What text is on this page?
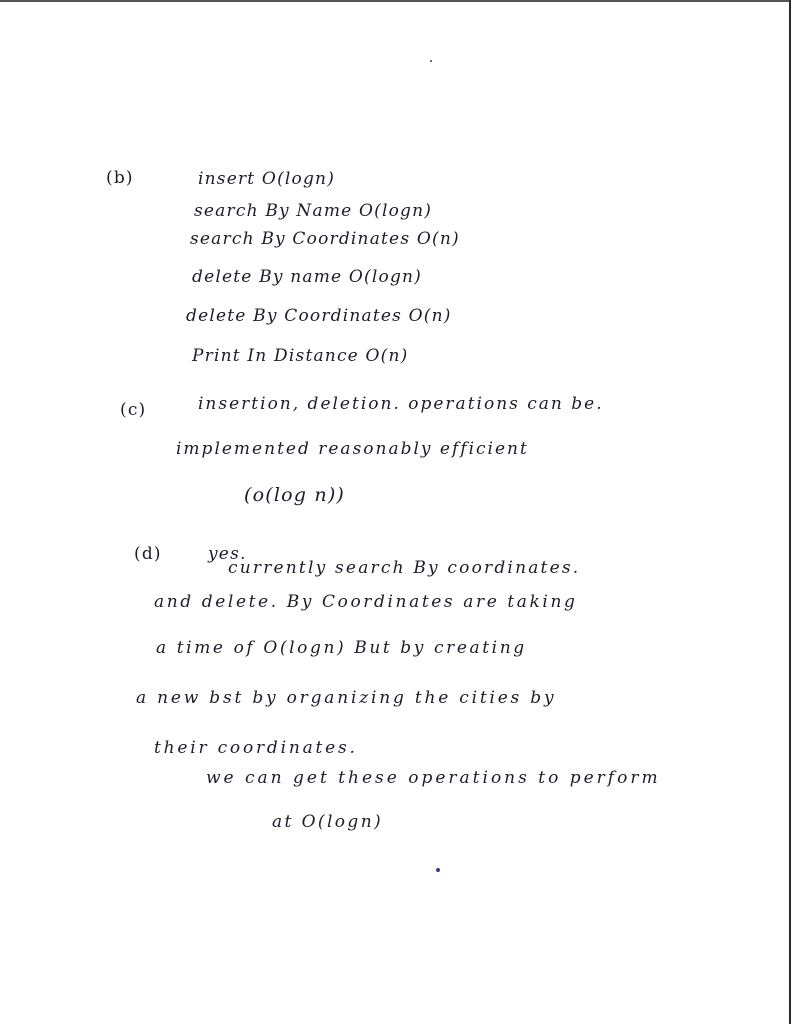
(b)	insert O(logn)
search By Name O(logn)
search By Coordinates O(n)
delete By name O(logn)
delete By Coordinates O(n)
Print In Distance O(n)
(c)	insertion, deletion. operations can be.
implemented reasonably efficient
(o(log n))
(d)	yes.
currently search By coordinates.
and delete. By Coordinates are taking
a time of O(logn) But by creating
a new bst by organizing the cities by
their coordinates.
we can get these operations to perform
at O(logn)
